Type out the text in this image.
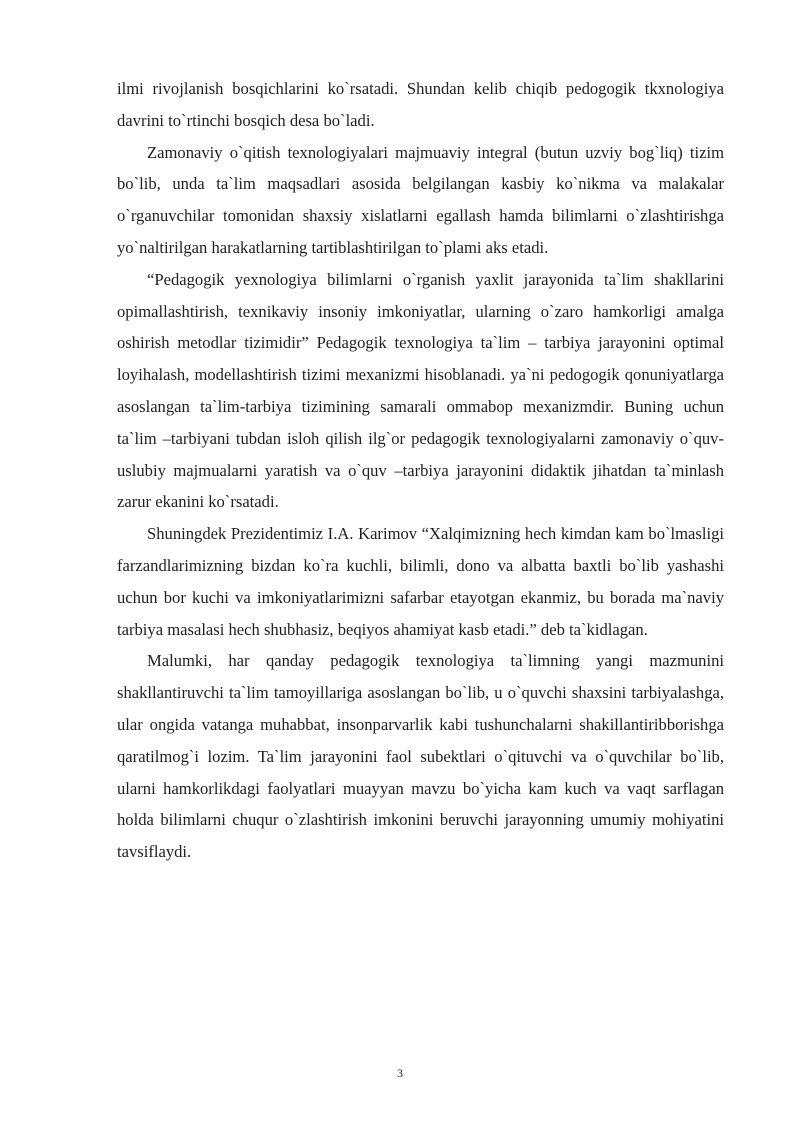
ilmi rivojlanish bosqichlarini ko`rsatadi. Shundan kelib chiqib pedogogik tkxnologiya davrini to`rtinchi bosqich desa bo`ladi.

Zamonaviy o`qitish texnologiyalari majmuaviy integral (butun uzviy bog`liq) tizim bo`lib, unda ta`lim maqsadlari asosida belgilangan kasbiy ko`nikma va malakalar o`rganuvchilar tomonidan shaxsiy xislatlarni egallash hamda bilimlarni o`zlashtirishga yo`naltirilgan harakatlarning tartiblashtirilgan to`plami aks etadi.

“Pedagogik yexnologiya bilimlarni o`rganish yaxlit jarayonida ta`lim shakllarini opimallashtirish, texnikaviy insoniy imkoniyatlar, ularning o`zaro hamkorligi amalga oshirish metodlar tizimidir” Pedagogik texnologiya ta`lim – tarbiya jarayonini optimal loyihalash, modellashtirish tizimi mexanizmi hisoblanadi. ya`ni pedogogik qonuniyatlarga asoslangan ta`lim-tarbiya tizimining samarali ommabop mexanizmdir. Buning uchun ta`lim –tarbiyani tubdan isloh qilish ilg`or pedagogik texnologiyalarni zamonaviy o`quv-uslubiy majmualarni yaratish va o`quv –tarbiya jarayonini didaktik jihatdan ta`minlash zarur ekanini ko`rsatadi.

Shuningdek Prezidentimiz I.A. Karimov “Xalqimizning hech kimdan kam bo`lmasligi farzandlarimizning bizdan ko`ra kuchli, bilimli, dono va albatta baxtli bo`lib yashashi uchun bor kuchi va imkoniyatlarimizni safarbar etayotgan ekanmiz, bu borada ma`naviy tarbiya masalasi hech shubhasiz, beqiyos ahamiyat kasb etadi.” deb ta`kidlagan.

Malumki, har qanday pedagogik texnologiya ta`limning yangi mazmunini shakllantiruvchi ta`lim tamoyillariga asoslangan bo`lib, u o`quvchi shaxsini tarbiyalashga, ular ongida vatanga muhabbat, insonparvarlik kabi tushunchalarni shakillantiribborishga qaratilmog`i lozim. Ta`lim jarayonini faol subektlari o`qituvchi va o`quvchilar bo`lib, ularni hamkorlikdagi faolyatlari muayyan mavzu bo`yicha kam kuch va vaqt sarflagan holda bilimlarni chuqur o`zlashtirish imkonini beruvchi jarayonning umumiy mohiyatini tavsiflaydi.

3
